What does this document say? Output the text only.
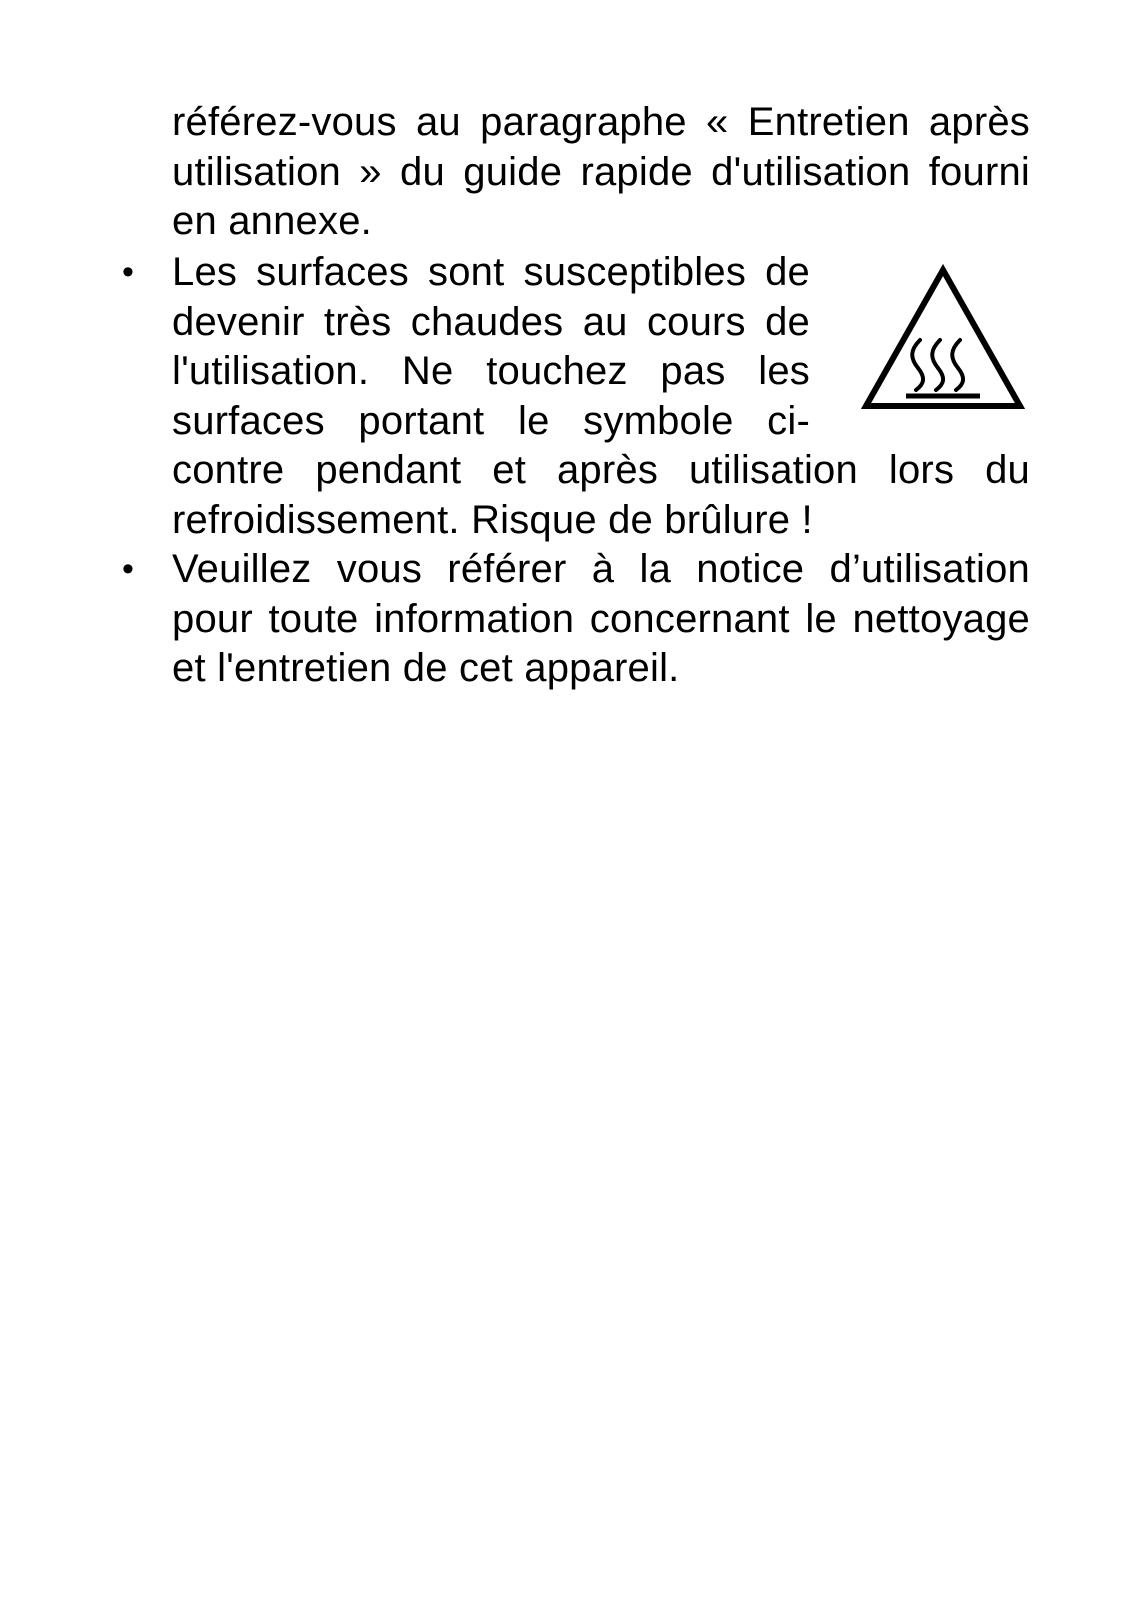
référez-vous au paragraphe « Entretien après utilisation » du guide rapide d'utilisation fourni en annexe.
• Les surfaces sont susceptibles de devenir très chaudes au cours de l'utilisation. Ne touchez pas les surfaces portant le symbole ci-contre pendant et après utilisation lors du refroidissement. Risque de brûlure !
• Veuillez vous référer à la notice d’utilisation pour toute information concernant le nettoyage et l'entretien de cet appareil.
